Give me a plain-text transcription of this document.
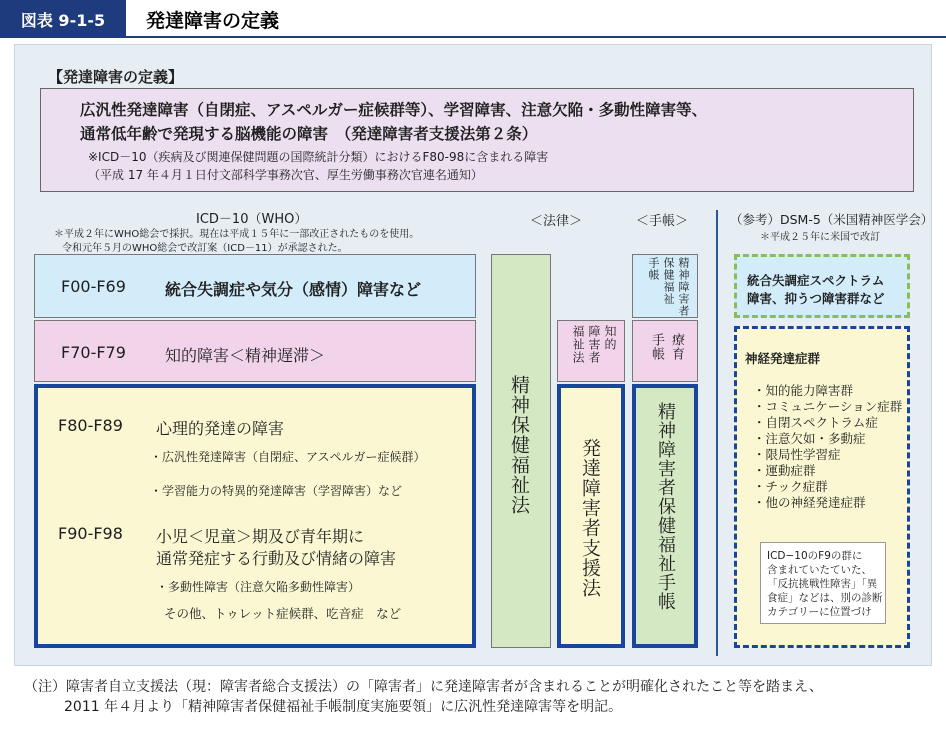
図表 9-1-5	発達障害の定義
【発達障害の定義】
広汎性発達障害（自閉症、アスペルガー症候群等）、学習障害、注意欠陥・多動性障害等、
通常低年齢で発現する脳機能の障害　（発達障害者支援法第２条）
※ICD－10（疾病及び関連保健問題の国際統計分類）におけるF80-98に含まれる障害
（平成 17 年４月１日付文部科学事務次官、厚生労働事務次官連名通知）
ICD－10（WHO）
＊平成２年にWHO総会で採択。現在は平成１５年に一部改正されたものを使用。
令和元年５月のWHO総会で改訂案（ICD－11）が承認された。
＜法律＞	＜手帳＞	（参考）DSM-5（米国精神医学会）
＊平成２５年に米国で改訂
F00-F69 統合失調症や気分（感情）障害など
F70-F79 知的障害＜精神遅滞＞
F80-F89 心理的発達の障害
・広汎性発達障害（自閉症、アスペルガー症候群）
・学習能力の特異的発達障害（学習障害）など
F90-F98 小児＜児童＞期及び青年期に
通常発症する行動及び情緒の障害
・多動性障害（注意欠陥多動性障害）
その他、トゥレット症候群、吃音症　など
精神保健福祉法
知的
障害者
福祉法
発達障害者支援法
精神障害者
保健福祉
手帳
療育
手帳
精神障害者保健福祉手帳
統合失調症スペクトラム
障害、抑うつ障害群など
神経発達症群
・知的能力障害群
・コミュニケーション症群
・自閉スペクトラム症
・注意欠如・多動症
・限局性学習症
・運動症群
・チック症群
・他の神経発達症群
ICD−10のF9の群に
含まれていたていた、
「反抗挑戦性障害」「異
食症」などは、別の診断
カテゴリーに位置づけ
（注）障害者自立支援法（現：障害者総合支援法）の「障害者」に発達障害者が含まれることが明確化されたこと等を踏まえ、
2011 年４月より「精神障害者保健福祉手帳制度実施要領」に広汎性発達障害等を明記。
